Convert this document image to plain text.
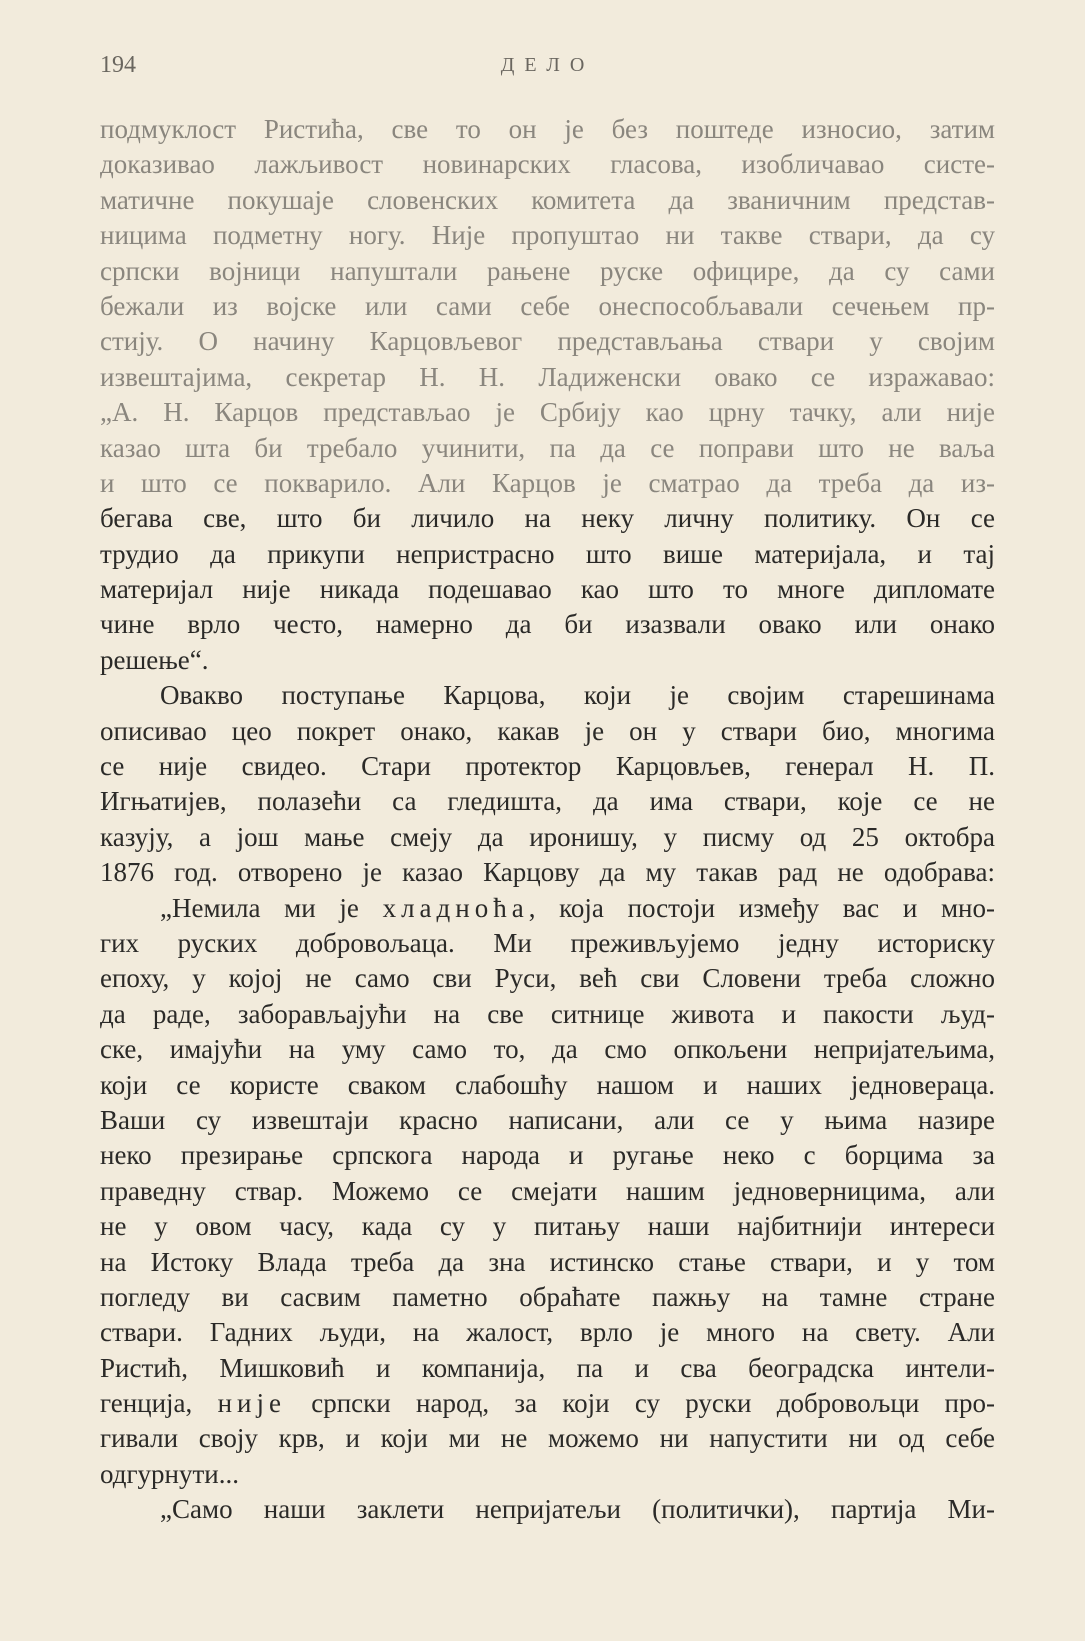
194	ДЕЛО
подмуклост Ристића, све то он је без поштеде износио, затим
доказивао лажљивост новинарских гласова, изобличавао систе-
матичне покушаје словенских комитета да званичним представ-
ницима подметну ногу. Није пропуштао ни такве ствари, да су
српски војници напуштали рањене руске официре, да су сами
бежали из војске или сами себе онеспособљавали сечењем пр-
стију. О начину Карцовљевог представљања ствари у својим
извештајима, секретар Н. Н. Ладиженски овако се изражавао:
„А. Н. Карцов представљао је Србију као црну тачку, али није
казао шта би требало учинити, па да се поправи што не ваља
и што се покварило. Али Карцов је сматрао да треба да из-
бегава све, што би личило на неку личну политику. Он се
трудио да прикупи непристрасно што више материјала, и тај
материјал није никада подешавао као што то многе дипломате
чине врло често, намерно да би изазвали овако или онако
решење“.
Овакво поступање Карцова, који је својим старешинама
описивао цео покрет онако, какав је он у ствари био, многима
се није свидео. Стари протектор Карцовљев, генерал Н. П.
Игњатијев, полазећи са гледишта, да има ствари, које се не
казују, а још мање смеју да иронишу, у писму од 25 октобра
1876 год. отворено је казао Карцову да му такав рад не одобрава:
„Немила ми је хладноћа, која постоји између вас и мно-
гих руских добровољаца. Ми преживљујемо једну историску
епоху, у којој не само сви Руси, већ сви Словени треба сложно
да раде, заборављајући на све ситнице живота и пакости људ-
ске, имајући на уму само то, да смо опкољени непријатељима,
који се користе сваком слабошћу нашом и наших једноверацa.
Ваши су извештаји красно написани, али се у њима назире
неко презирање српскога народа и ругање неко с борцима за
праведну ствар. Можемо се смејати нашим једноверницима, али
не у овом часу, када су у питању наши најбитнији интереси
на Истоку Влада треба да зна истинско стање ствари, и у том
погледу ви сасвим паметно обраћате пажњу на тамне стране
ствари. Гадних људи, на жалост, врло је много на свету. Али
Ристић, Мишковић и компанија, па и сва београдска интели-
генција, није српски народ, за који су руски добровољци про-
гивали своју крв, и који ми не можемо ни напустити ни од себе
одгурнути...
„Само наши заклети непријатељи (политички), партија Ми-
